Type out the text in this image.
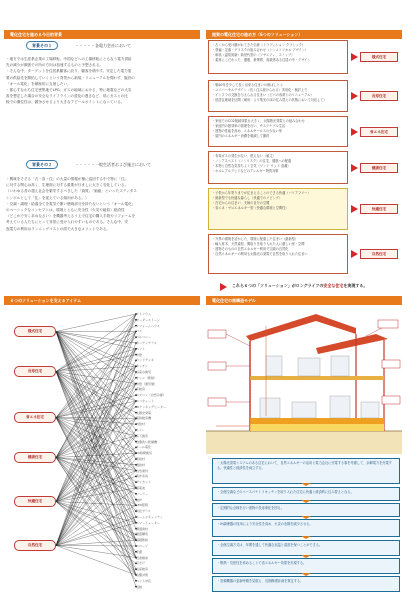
電化住宅を進める今日的背景
背景その１	・・・・・各電力会社において
・地方では生産系企業の工場移転、中国などへの工場移転にともなう電力供給
先の減少が顕著での所の方向は加速するものと予想される。
・そんな中、ターゲットを住居系顧客に絞り、顧客を増やす。安定した電力需
要の供給先を開拓していくという背景から新規・リニューアルを問わず、施設の
「オール電化」を積極的に支援したい。
・都心すなわち住宅密集地でLPG、ガスの地域における、特に地震などの大災
害を想定した場合の安全なライフラインの普及の遅さなど、常にガスとの比
較での優位性は、競争させるより大きなアピールポイントになっている。
背景その２	・・・・・一般生活者および施主において
・興味をそそる「衣・食・住」の大量の情報が様に巡回する中で特に「住」
に対する関心は高く、生理面に対する重要が日ましに大きく変化している。
（いわゆる昔の超え社会を繁栄するべきした「資質」「価値」といったスティタス
シンボルとして「住」を捉えている傾向がある。）
・空調・調理・給湯全てを電気で賄い燃焼部分を持たないという「オール電化」
のベーシックなコンセプトは、環境とともに安全性（火災や疑似）経済性
（どこかで安く求めなさい）を機器考えるうえで住宅の購入手段やリフォームを
考えている人たちにとって非常に受け入れやすいものである。そんな中、安
夜電力の利用はランニングコストの面で大きなメリットである。
提案の電化住宅の進め方（6つのソリューション）
・古くから受け継がれてきた伝統（トラディション クラシック）
・普遍・定番・グラスクの組み合わせ（シンメトリカル デザイン）
・和風（温故知新）新世代型の（ソサエティ、スノッブ）
・素材にこだわった、優雅、豪華感、高級感ある住居の中・デザイン
様式住宅
・築40年を少して長く出来る住まいの伸ばしとう
・ユニバーサルデザイン（長く住み続けられる）実用化・検討上で
・インフラの交換を与えられる住まい（ピパの寿命とのリニューアル）
・低居住地域を区間（耐用：より集光の床の住み替えの状態において対応して）
長寿住宅
・家庭でのCO2削減効果も大きく、太陽熱光発電との組み合わせ
・家庭内の熱効率の管理を行い、サステナブル生活
・建物の性能を高め、エネルギーロスの少ない家
・屋内のエネルギー消費を軽減して節約
省エネ住宅
・有毒ガスの発生がない、燃えない（頑丈）
・ノンアスベスト（ノンリスク）の住宅、健康への配慮
・本物と自然な気持ちよく空気（ワンテ ウッド 清潔）
・ホルムアルデヒドなどのアレルギー物質対策
健康住宅
・子供から年寄りまでが住まえることのできる快適（バリアフリー）
・最新型でも快適な暮らし（快適でのリビング）
・在宅からの住まい、夫婦の自分の空間
・省エネ・ゼロエネルギー型（快適な環境と空間性）	快適住宅
・外界の環境を活かした、環境に配慮した住まい（最新型）
・輸入材木、天然素材、間取りを取り入れた人に優しい家・空間
・建物そのものの自然エネルギー利用で空調の自然化
・自然エネルギーの利用も太陽光の発電で自然を取り入れた住まい	自然住宅
これら６つの「ソリューション」がロングライフの安全な住宅を実現する。
６つのソリューションを支えるアイテム
アトリウム
ボーダーストーン
リフォームハウス
パス
バルコニー
ガーデンテラス
ロフト
外壁
ウッドデッキ
キッチン
浴室の換気
サッシ（断熱）
外壁（通気層）
床暖房
エアコン（自然冷媒）
エコキュート
IHクッキングヒーター
太陽光発電
蓄熱暖房機
内装材
トイレ
床下換気
食器洗い乾燥機
オール電化
24時間換気
断熱材
遮熱材
自然素材
造作家具
デシカント
蓄電池
ソーラー
暖炉
LED照明
防犯ガラス
ホームセキュリティ
スマートメーター
調湿建材
耐震構造
基礎断熱
スロープ
手摺
段差解消
引き戸
浴室暖房
音響対策
ペット対応
収納
様式住宅
長寿住宅
省エネ住宅
健康住宅
快適住宅
自然住宅
電化住宅の商構造モデル
・太陽光発電システムのある住宅において、自然エネルギーの活用と電力会社に売電する事を考慮して、余剰電力を売電する。快適性と経済性を両立する。
・全館空調などのベースパナトラキッチンを取り入れた住宅に快適と経済的に住み替えとなる。
・定期的な点検を行い建物の長寿命化を図る。
・IH調理器の採用により安全性を高め、火災の危険を減少させる。
・全館空調方式は、年間を通して快適な室温と湿度を保つことができる。
・断熱・気密性を高めることで省エネルギー効果を実現する。
・設備機器の更新時期を見据え、長期修繕計画を策定する。
